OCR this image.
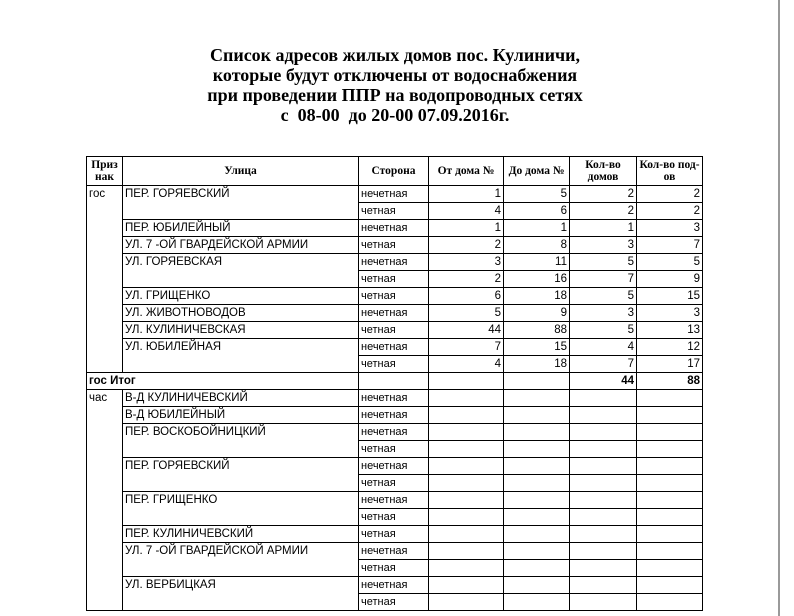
Список адресов жилых домов пос. Кулиничи,
которые будут отключены от водоснабжения
при проведении ППР на водопроводных сетях
с  08-00  до 20-00 07.09.2016г.
Приз нак	Улица	Сторона	От дома №	До дома №	Кол-во домов	Кол-во под-ов
гос	ПЕР. ГОРЯЕВСКИЙ	нечетная	1	5	2	2
		четная	4	6	2	2
	ПЕР. ЮБИЛЕЙНЫЙ	нечетная	1	1	1	3
	УЛ. 7 -ОЙ ГВАРДЕЙСКОЙ АРМИИ	четная	2	8	3	7
	УЛ. ГОРЯЕВСКАЯ	нечетная	3	11	5	5
		четная	2	16	7	9
	УЛ. ГРИЩЕНКО	четная	6	18	5	15
	УЛ. ЖИВОТНОВОДОВ	нечетная	5	9	3	3
	УЛ. КУЛИНИЧЕВСКАЯ	четная	44	88	5	13
	УЛ. ЮБИЛЕЙНАЯ	нечетная	7	15	4	12
		четная	4	18	7	17
гос Итог					44	88
час	В-Д КУЛИНИЧЕВСКИЙ	нечетная				
	В-Д ЮБИЛЕЙНЫЙ	нечетная				
	ПЕР. ВОСКОБОЙНИЦКИЙ	нечетная				
		четная				
	ПЕР. ГОРЯЕВСКИЙ	нечетная				
		четная				
	ПЕР. ГРИЩЕНКО	нечетная				
		четная				
	ПЕР. КУЛИНИЧЕВСКИЙ	четная				
	УЛ. 7 -ОЙ ГВАРДЕЙСКОЙ АРМИИ	нечетная				
		четная				
	УЛ. ВЕРБИЦКАЯ	нечетная				
		четная				
